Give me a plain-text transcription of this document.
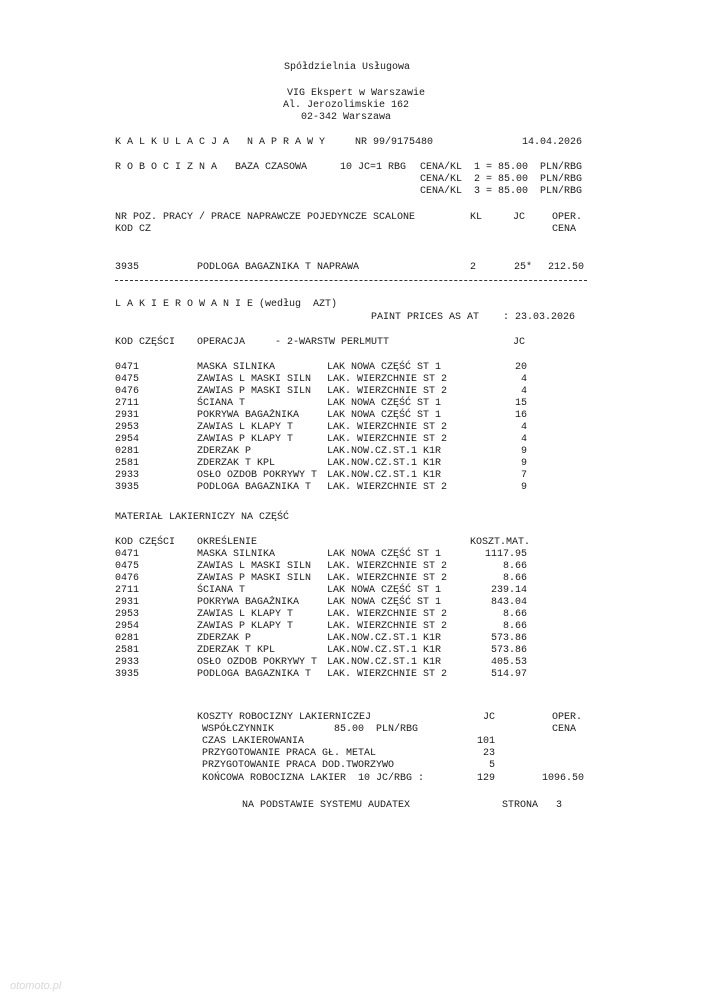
Spółdzielnia Usługowa
VIG Ekspert w Warszawie
Al. Jerozolimskie 162
02-342 Warszawa
K A L K U L A C J A   N A P R A W Y	NR 99/9175480	14.04.2026
R O B O C I Z N A BAZA CZASOWA	10 JC=1 RBG CENA/KL  1 = 85.00  PLN/RBG
CENA/KL  2 = 85.00  PLN/RBG
CENA/KL  3 = 85.00  PLN/RBG
NR POZ. PRACY / PRACE NAPRAWCZE POJEDYNCZE SCALONE
KOD CZ
KL	JC	OPER.
CENA
3935	PODLOGA BAGAZNIKA T NAPRAWA	2	25*	212.50
L A K I E R O W A N I E (według  AZT)
PAINT PRICES AS AT    : 23.03.2026
KOD CZĘŚCI OPERACJA     - 2-WARSTW PERLMUTT	JC
0471	MASKA SILNIKA	LAK NOWA CZĘŚĆ ST 1	20
0475	ZAWIAS L MASKI SILN LAK. WIERZCHNIE ST 2	4
0476	ZAWIAS P MASKI SILN LAK. WIERZCHNIE ST 2	4
2711	ŚCIANA T	LAK NOWA CZĘŚĆ ST 1	15
2931	POKRYWA BAGAŻNIKA	LAK NOWA CZĘŚĆ ST 1	16
2953	ZAWIAS L KLAPY T	LAK. WIERZCHNIE ST 2	4
2954	ZAWIAS P KLAPY T	LAK. WIERZCHNIE ST 2	4
0281	ZDERZAK P	LAK.NOW.CZ.ST.1 K1R	9
2581	ZDERZAK T KPL	LAK.NOW.CZ.ST.1 K1R	9
2933	OSŁO OZDOB POKRYWY T LAK.NOW.CZ.ST.1 K1R	7
3935	PODLOGA BAGAZNIKA T LAK. WIERZCHNIE ST 2	9
MATERIAŁ LAKIERNICZY NA CZĘŚĆ
KOD CZĘŚCI OKREŚLENIE	KOSZT.MAT.
0471	MASKA SILNIKA	LAK NOWA CZĘŚĆ ST 1	1117.95
0475	ZAWIAS L MASKI SILN LAK. WIERZCHNIE ST 2	8.66
0476	ZAWIAS P MASKI SILN LAK. WIERZCHNIE ST 2	8.66
2711	ŚCIANA T	LAK NOWA CZĘŚĆ ST 1	239.14
2931	POKRYWA BAGAŻNIKA	LAK NOWA CZĘŚĆ ST 1	843.04
2953	ZAWIAS L KLAPY T	LAK. WIERZCHNIE ST 2	8.66
2954	ZAWIAS P KLAPY T	LAK. WIERZCHNIE ST 2	8.66
0281	ZDERZAK P	LAK.NOW.CZ.ST.1 K1R	573.86
2581	ZDERZAK T KPL	LAK.NOW.CZ.ST.1 K1R	573.86
2933	OSŁO OZDOB POKRYWY T LAK.NOW.CZ.ST.1 K1R	405.53
3935	PODLOGA BAGAZNIKA T LAK. WIERZCHNIE ST 2	514.97
KOSZTY ROBOCIZNY LAKIERNICZEJ	JC	OPER.
WSPÓŁCZYNNIK          85.00  PLN/RBG	CENA
CZAS LAKIEROWANIA	101
PRZYGOTOWANIE PRACA GŁ. METAL	23
PRZYGOTOWANIE PRACA DOD.TWORZYWO	5
KOŃCOWA ROBOCIZNA LAKIER  10 JC/RBG :	129	1096.50
NA PODSTAWIE SYSTEMU AUDATEX	STRONA   3
otomoto.pl
